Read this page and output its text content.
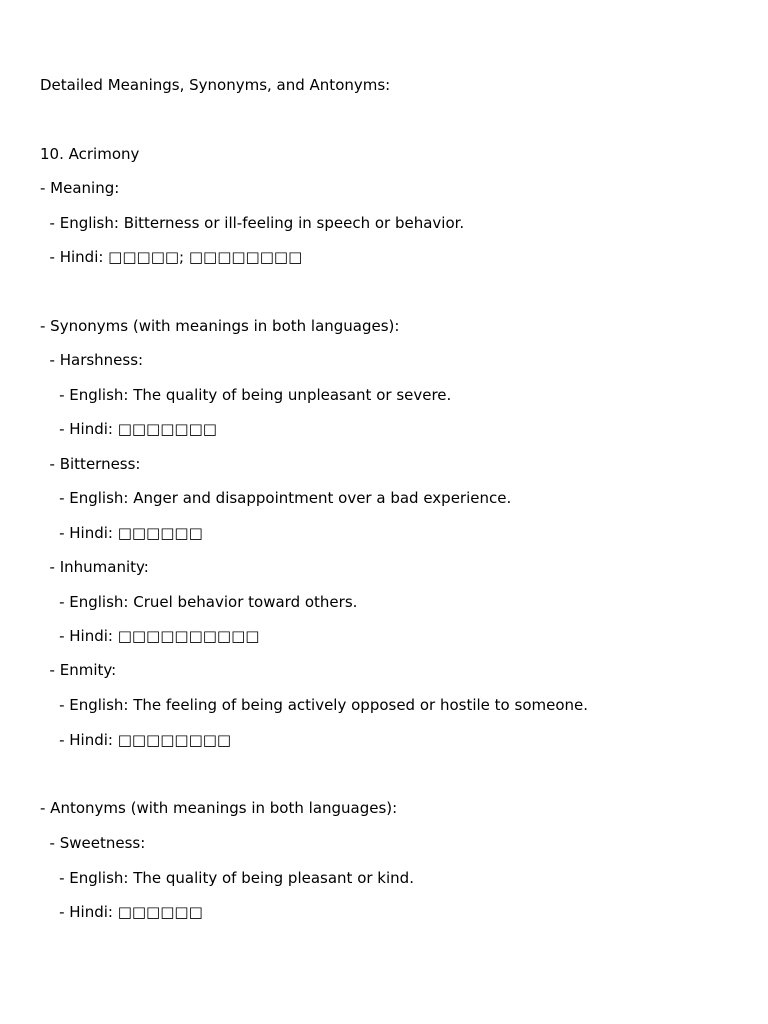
Detailed Meanings, Synonyms, and Antonyms:
10. Acrimony
- Meaning:
- English: Bitterness or ill-feeling in speech or behavior.
- Hindi: □□□□□; □□□□□□□□
- Synonyms (with meanings in both languages):
- Harshness:
- English: The quality of being unpleasant or severe.
- Hindi: □□□□□□□
- Bitterness:
- English: Anger and disappointment over a bad experience.
- Hindi: □□□□□□
- Inhumanity:
- English: Cruel behavior toward others.
- Hindi: □□□□□□□□□□
- Enmity:
- English: The feeling of being actively opposed or hostile to someone.
- Hindi: □□□□□□□□
- Antonyms (with meanings in both languages):
- Sweetness:
- English: The quality of being pleasant or kind.
- Hindi: □□□□□□
